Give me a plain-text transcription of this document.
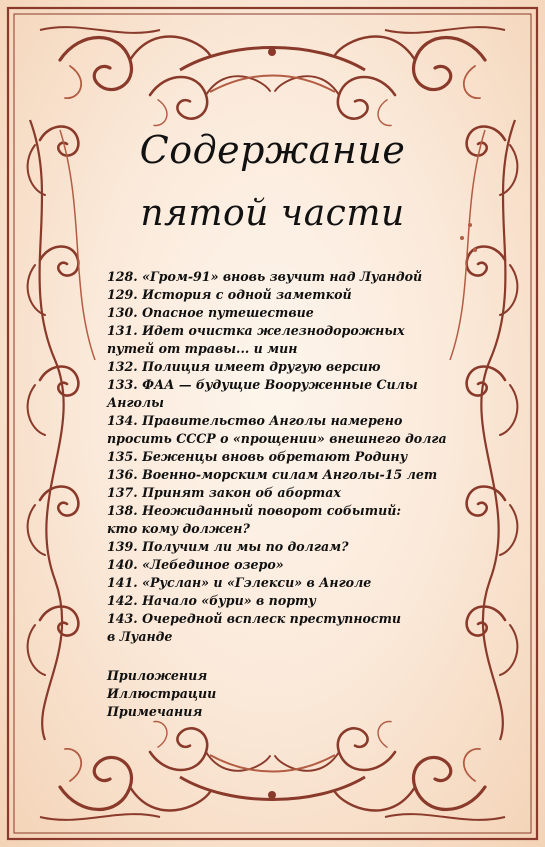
Содержание
пятой части
128. «Гром-91» вновь звучит над Луандой
129. История с одной заметкой
130. Опасное путешествие
131. Идет очистка железнодорожных
путей от травы... и мин
132. Полиция имеет другую версию
133. ФАА — будущие Вооруженные Силы
Анголы
134. Правительство Анголы намерено
просить СССР о «прощении» внешнего долга
135. Беженцы вновь обретают Родину
136. Военно-морским силам Анголы-15 лет
137. Принят закон об абортах
138. Неожиданный поворот событий:
кто кому должен?
139. Получим ли мы по долгам?
140. «Лебединое озеро»
141. «Руслан» и «Гэлекси» в Анголе
142. Начало «бури» в порту
143. Очередной всплеск преступности
в Луанде
Приложения
Иллюстрации
Примечания
